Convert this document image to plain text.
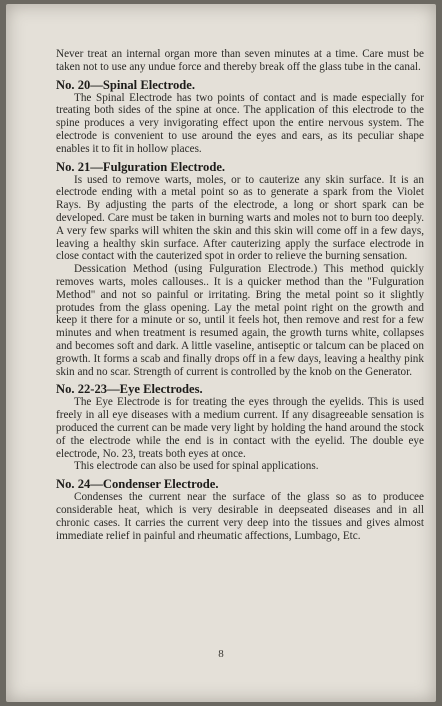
Never treat an internal organ more than seven minutes at a time. Care must be taken not to use any undue force and thereby break off the glass tube in the canal.

No. 20—Spinal Electrode.

The Spinal Electrode has two points of contact and is made especially for treating both sides of the spine at once. The application of this electrode to the spine produces a very invigorating effect upon the entire nervous system. The electrode is convenient to use around the eyes and ears, as its peculiar shape enables it to fit in hollow places.

No. 21—Fulguration Electrode.

Is used to remove warts, moles, or to cauterize any skin surface. It is an electrode ending with a metal point so as to generate a spark from the Violet Rays. By adjusting the parts of the electrode, a long or short spark can be developed. Care must be taken in burning warts and moles not to burn too deeply. A very few sparks will whiten the skin and this skin will come off in a few days, leaving a healthy skin surface. After cauterizing apply the surface electrode in close contact with the cauterized spot in order to relieve the burning sensation.

Dessication Method (using Fulguration Electrode.) This method quickly removes warts, moles callouses.. It is a quicker method than the "Fulguration Method" and not so painful or irritating. Bring the metal point so it slightly protudes from the glass opening. Lay the metal point right on the growth and keep it there for a minute or so, until it feels hot, then remove and rest for a few minutes and when treatment is resumed again, the growth turns white, collapses and becomes soft and dark. A little vaseline, antiseptic or talcum can be placed on growth. It forms a scab and finally drops off in a few days, leaving a healthy pink skin and no scar. Strength of current is controlled by the knob on the Generator.

No. 22-23—Eye Electrodes.

The Eye Electrode is for treating the eyes through the eyelids. This is used freely in all eye diseases with a medium current. If any disagreeable sensation is produced the current can be made very light by holding the hand around the stock of the electrode while the end is in contact with the eyelid. The double eye electrode, No. 23, treats both eyes at once.

This electrode can also be used for spinal applications.

No. 24—Condenser Electrode.

Condenses the current near the surface of the glass so as to producee considerable heat, which is very desirable in deepseated diseases and in all chronic cases. It carries the current very deep into the tissues and gives almost immediate relief in painful and rheumatic affections, Lumbago, Etc.

8
